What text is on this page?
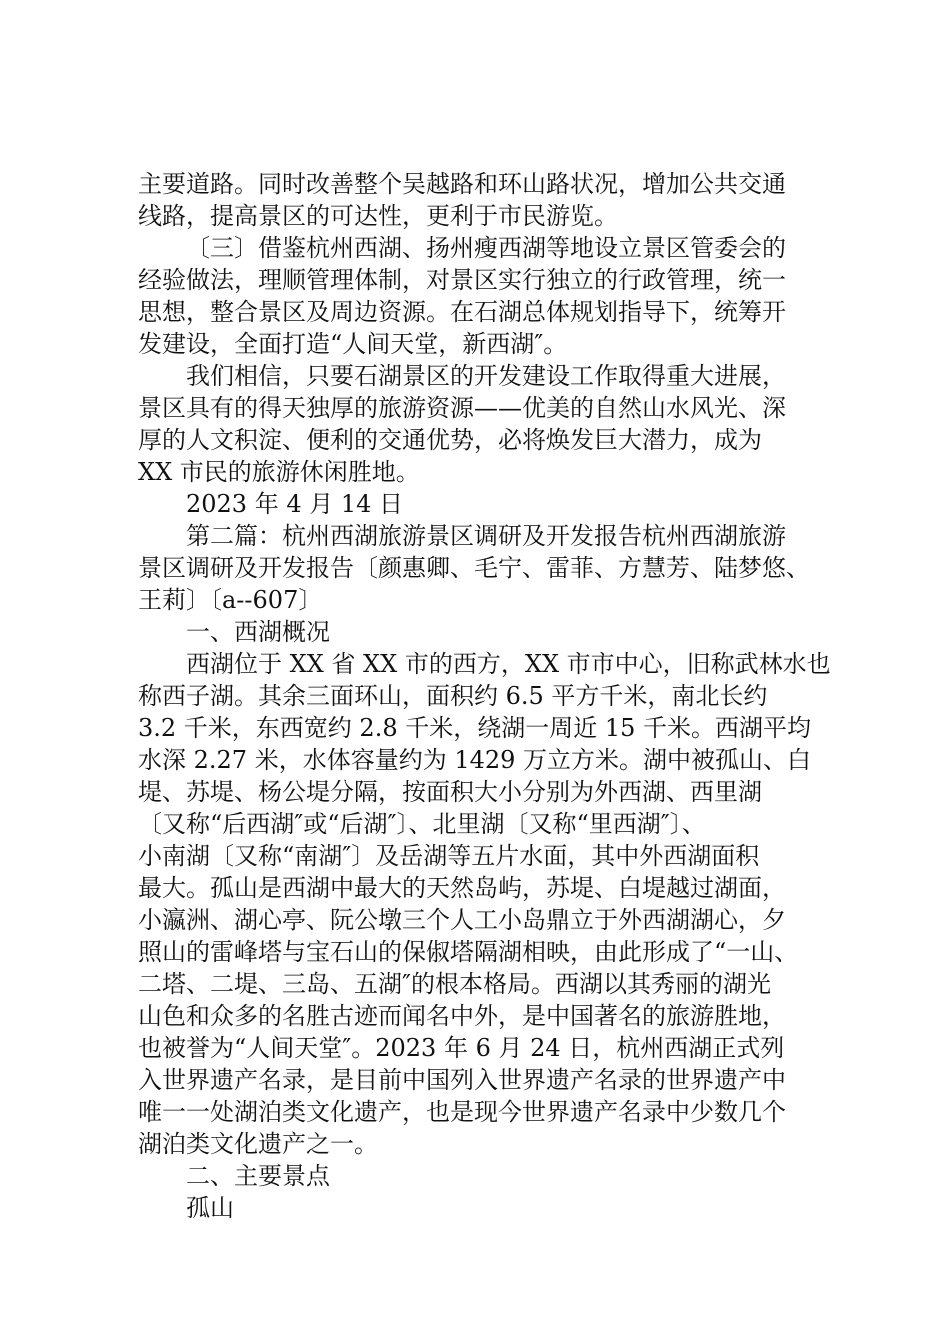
主要道路。同时改善整个吴越路和环山路状况，增加公共交通
线路，提高景区的可达性，更利于市民游览。
〔三〕借鉴杭州西湖、扬州瘦西湖等地设立景区管委会的
经验做法，理顺管理体制，对景区实行独立的行政管理，统一
思想，整合景区及周边资源。在石湖总体规划指导下，统筹开
发建设，全面打造“人间天堂，新西湖″。
我们相信，只要石湖景区的开发建设工作取得重大进展，
景区具有的得天独厚的旅游资源——优美的自然山水风光、深
厚的人文积淀、便利的交通优势，必将焕发巨大潜力，成为
XX 市民的旅游休闲胜地。
2023 年 4 月 14 日
第二篇：杭州西湖旅游景区调研及开发报告杭州西湖旅游
景区调研及开发报告〔颜惠卿、毛宁、雷菲、方慧芳、陆梦悠、
王莉〕〔a--607〕
一、西湖概况
西湖位于 XX 省 XX 市的西方，XX 市市中心，旧称武林水也
称西子湖。其余三面环山，面积约 6.5 平方千米，南北长约
3.2 千米，东西宽约 2.8 千米，绕湖一周近 15 千米。西湖平均
水深 2.27 米，水体容量约为 1429 万立方米。湖中被孤山、白
堤、苏堤、杨公堤分隔，按面积大小分别为外西湖、西里湖
〔又称“后西湖″或“后湖″〕、北里湖〔又称“里西湖″〕、
小南湖〔又称“南湖″〕及岳湖等五片水面，其中外西湖面积
最大。孤山是西湖中最大的天然岛屿，苏堤、白堤越过湖面，
小瀛洲、湖心亭、阮公墩三个人工小岛鼎立于外西湖湖心，夕
照山的雷峰塔与宝石山的保俶塔隔湖相映，由此形成了“一山、
二塔、二堤、三岛、五湖″的根本格局。西湖以其秀丽的湖光
山色和众多的名胜古迹而闻名中外，是中国著名的旅游胜地，
也被誉为“人间天堂″。2023 年 6 月 24 日，杭州西湖正式列
入世界遗产名录，是目前中国列入世界遗产名录的世界遗产中
唯一一处湖泊类文化遗产，也是现今世界遗产名录中少数几个
湖泊类文化遗产之一。
二、主要景点
孤山
